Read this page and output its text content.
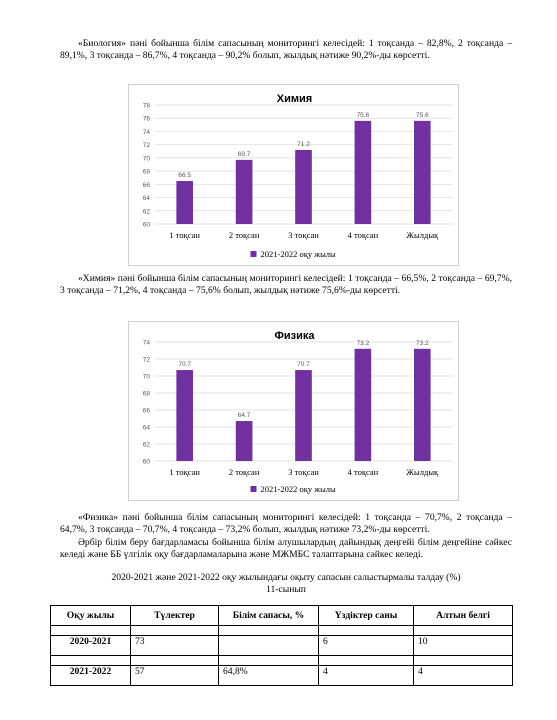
«Биология» пәні бойынша білім сапасының мониторингі келесідей: 1 тоқсанда – 82,8%, 2 тоқсанда – 89,1%, 3 тоқсанда – 86,7%, 4 тоқсанда – 90,2% болып, жылдық нәтиже 90,2%-ды көрсетті.

Химия
60
62
64
66
68
70
72
74
76
78
66.5
1 тоқсан
69.7
2 тоқсан
71.2
3 тоқсан
75.6
4 тоқсан
75.6
Жылдық
2021-2022 оқу жылы

«Химия» пәні бойынша білім сапасының мониторингі келесідей: 1 тоқсанда – 66,5%, 2 тоқсанда – 69,7%, 3 тоқсанда – 71,2%, 4 тоқсанда – 75,6% болып, жылдық нәтиже 75,6%-ды көрсетті.

Физика
60
62
64
66
68
70
72
74
70.7
1 тоқсан
64.7
2 тоқсан
70.7
3 тоқсан
73.2
4 тоқсан
73.2
Жылдық
2021-2022 оқу жылы

«Физика» пәні бойынша білім сапасының мониторингі келесідей: 1 тоқсанда – 70,7%, 2 тоқсанда – 64,7%, 3 тоқсанда – 70,7%, 4 тоқсанда – 73,2% болып, жылдық нәтиже 73,2%-ды көрсетті.

Әрбір білім беру бағдарламасы бойынша білім алушылардың дайындық деңгейі білім деңгейіне сәйкес келеді және ББ үлгілік оқу бағдарламаларына және МЖМБС талаптарына сәйкес келеді.

2020-2021 және 2021-2022 оқу жылындағы оқыту сапасын салыстырмалы талдау (%)
11-сынып
Оқу жылы	Түлектер	Білім сапасы, %	Үздіктер саны	Алтын белгі

2020-2021	73		6	10

2021-2022	57	64,8%	4	4
